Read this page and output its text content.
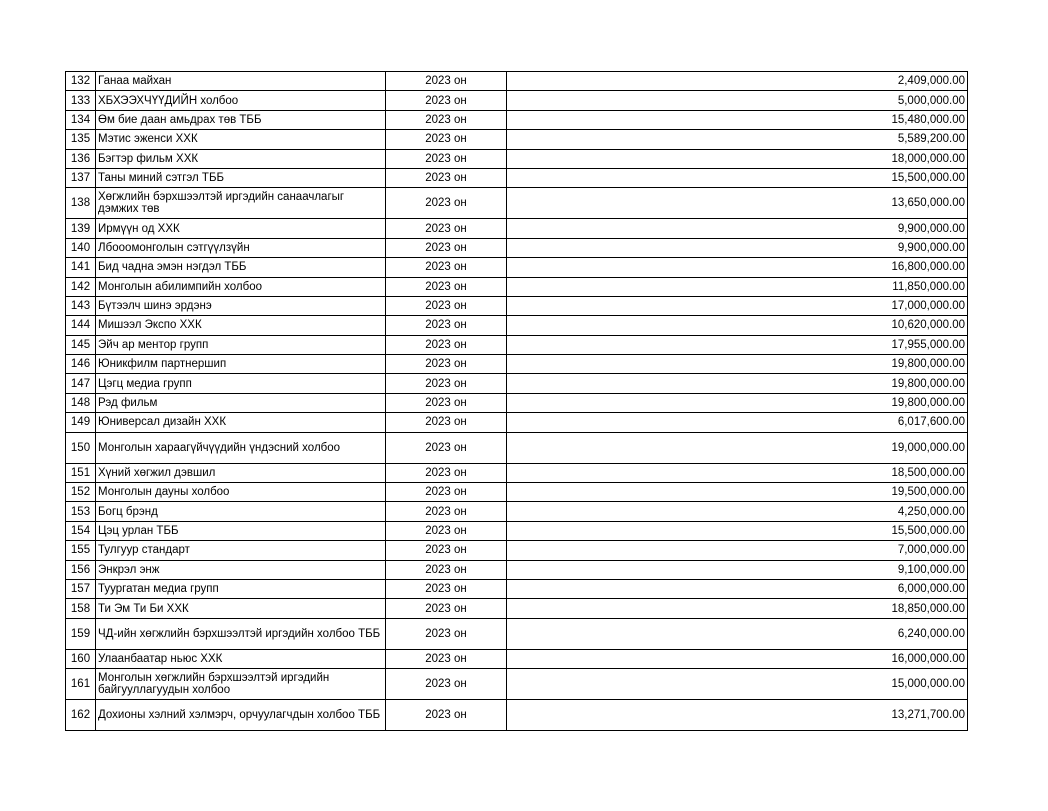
132	Ганаа майхан	2023 он	2,409,000.00
133	ХБХЭЭХЧҮҮДИЙН холбоо	2023 он	5,000,000.00
134	Өм бие даан амьдрах төв ТББ	2023 он	15,480,000.00
135	Мэтис эженси ХХК	2023 он	5,589,200.00
136	Бэгтэр фильм ХХК	2023 он	18,000,000.00
137	Таны миний сэтгэл ТББ	2023 он	15,500,000.00
138	Хөгжлийн бэрхшээлтэй иргэдийн санаачлагыг дэмжих төв	2023 он	13,650,000.00
139	Ирмүүн од ХХК	2023 он	9,900,000.00
140	Лбооомонголын сэтгүүлзүйн	2023 он	9,900,000.00
141	Бид чадна эмэн нэгдэл ТББ	2023 он	16,800,000.00
142	Монголын абилимпийн холбоо	2023 он	11,850,000.00
143	Бүтээлч шинэ эрдэнэ	2023 он	17,000,000.00
144	Мишээл Экспо ХХК	2023 он	10,620,000.00
145	Эйч ар ментор групп	2023 он	17,955,000.00
146	Юникфилм партнершип	2023 он	19,800,000.00
147	Цэгц медиа групп	2023 он	19,800,000.00
148	Рэд фильм	2023 он	19,800,000.00
149	Юниверсал дизайн ХХК	2023 он	6,017,600.00
150	Монголын хараагүйчүүдийн үндэсний холбоо	2023 он	19,000,000.00
151	Хүний хөгжил дэвшил	2023 он	18,500,000.00
152	Монголын дауны холбоо	2023 он	19,500,000.00
153	Богц брэнд	2023 он	4,250,000.00
154	Цэц урлан ТББ	2023 он	15,500,000.00
155	Тулгуур стандарт	2023 он	7,000,000.00
156	Энкрэл энж	2023 он	9,100,000.00
157	Туургатан медиа групп	2023 он	6,000,000.00
158	Ти Эм Ти Би ХХК	2023 он	18,850,000.00
159	ЧД-ийн хөгжлийн бэрхшээлтэй иргэдийн холбоо ТББ	2023 он	6,240,000.00
160	Улаанбаатар ньюс ХХК	2023 он	16,000,000.00
161	Монголын хөгжлийн бэрхшээлтэй иргэдийн байгууллагуудын холбоо	2023 он	15,000,000.00
162	Дохионы хэлний хэлмэрч, орчуулагчдын холбоо ТББ	2023 он	13,271,700.00
